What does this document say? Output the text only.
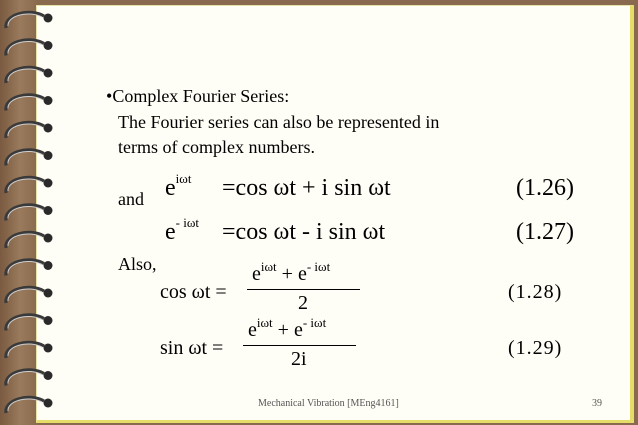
•Complex Fourier Series:
The Fourier series can also be represented in
terms of complex numbers.
$e^{i\omega t} =\cos$ ωt + i sin ωt	(1.26)
and
$e^{- i\omega t} =\cos$ ωt - i sin ωt	(1.27)
Also,
cos ωt =
$e^{i\omega t} + e^{- i\omega t}$
2	(1.28)
sin ωt =
$e^{i\omega t} + e^{- i\omega t}$
2i	(1.29)
Mechanical Vibration [MEng4161]	39
